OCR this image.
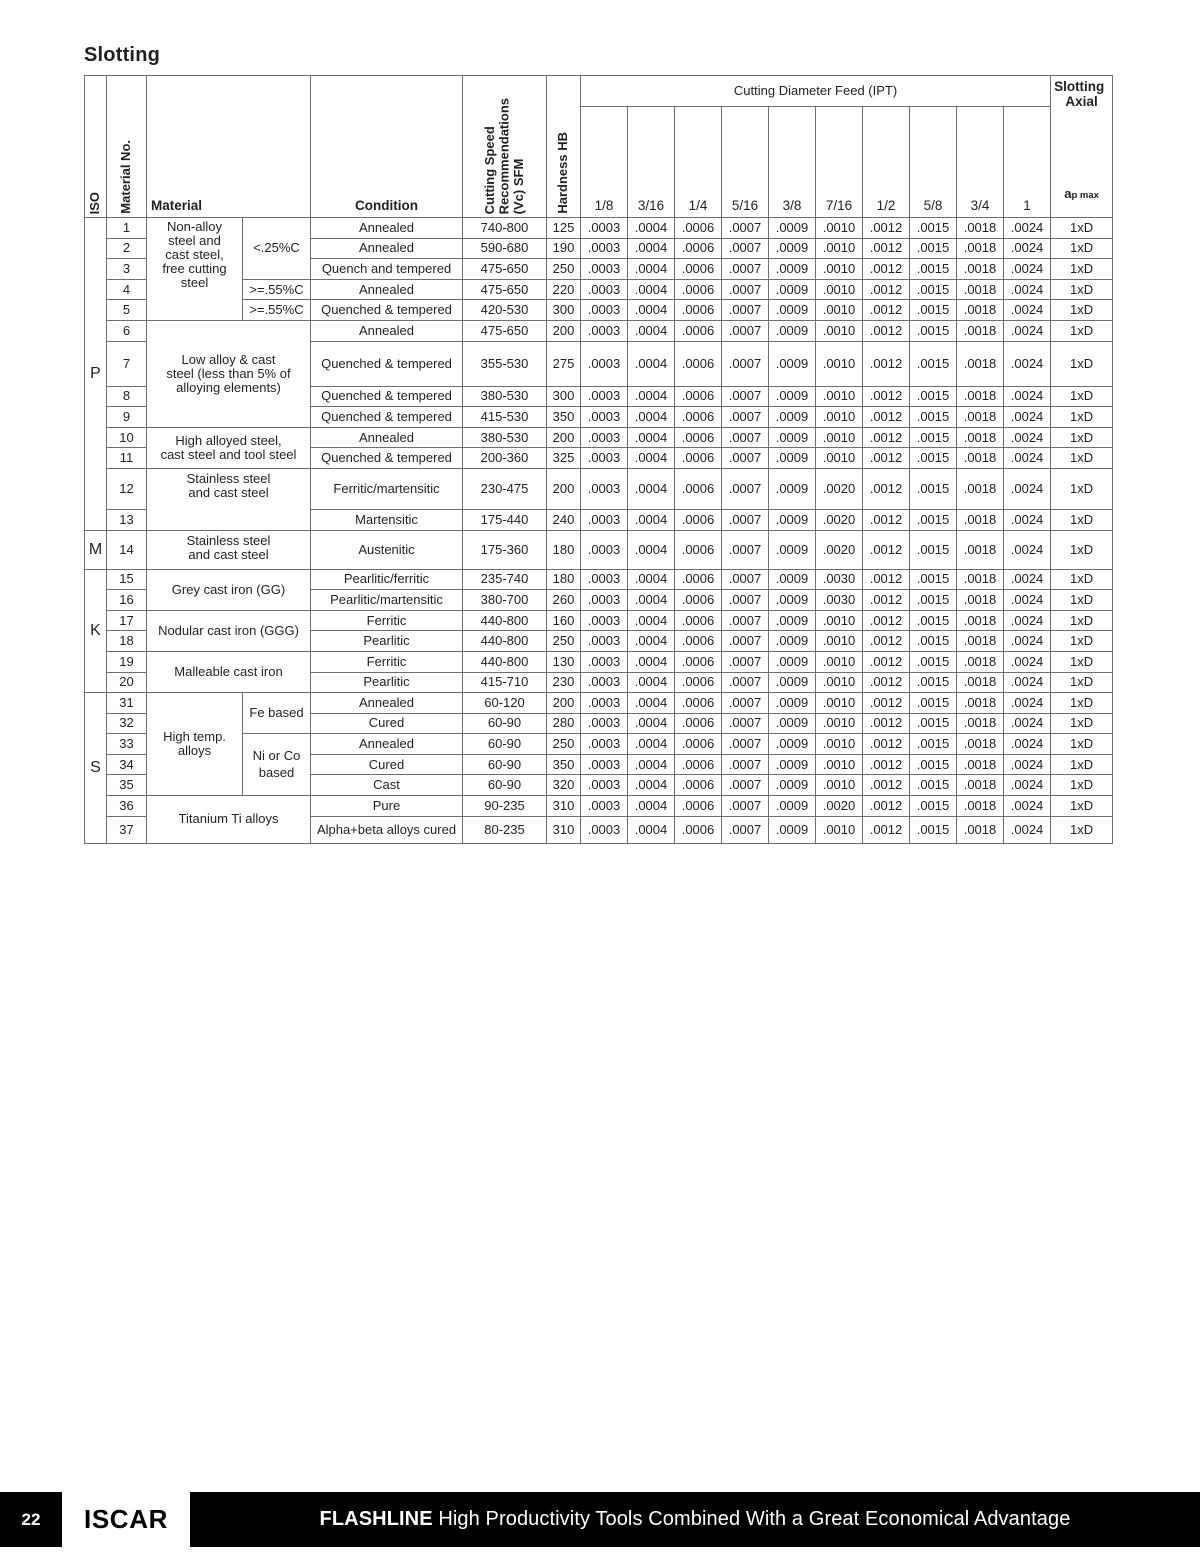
Slotting
ISO	Material No.	Material	Condition	Cutting Speed
Recommendations
(Vc) SFM	Hardness HB
	Cutting Diameter Feed (IPT)	Slotting
Axial
ap max

							1/8	3/16	1/4	5/16	3/8	7/16	1/2	5/8	3/4	1	
P	1	Non-alloy
steel and
cast steel,
free cutting
steel	<.25%C	Annealed	740-800	125	.0003	.0004	.0006	.0007	.0009	.0010	.0012	.0015	.0018	.0024	1xD
	2			Annealed	590-680	190	.0003	.0004	.0006	.0007	.0009	.0010	.0012	.0015	.0018	.0024	1xD
	3			Quench and tempered	475-650	250	.0003	.0004	.0006	.0007	.0009	.0010	.0012	.0015	.0018	.0024	1xD
	4		>=.55%C	Annealed	475-650	220	.0003	.0004	.0006	.0007	.0009	.0010	.0012	.0015	.0018	.0024	1xD
	5		>=.55%C	Quenched & tempered	420-530	300	.0003	.0004	.0006	.0007	.0009	.0010	.0012	.0015	.0018	.0024	1xD
	6	Low alloy & cast
steel (less than 5% of
alloying elements)		Annealed	475-650	200	.0003	.0004	.0006	.0007	.0009	.0010	.0012	.0015	.0018	.0024	1xD
	7			Quenched & tempered	355-530	275	.0003	.0004	.0006	.0007	.0009	.0010	.0012	.0015	.0018	.0024	1xD
	8			Quenched & tempered	380-530	300	.0003	.0004	.0006	.0007	.0009	.0010	.0012	.0015	.0018	.0024	1xD
	9			Quenched & tempered	415-530	350	.0003	.0004	.0006	.0007	.0009	.0010	.0012	.0015	.0018	.0024	1xD
	10	High alloyed steel,
cast steel and tool steel		Annealed	380-530	200	.0003	.0004	.0006	.0007	.0009	.0010	.0012	.0015	.0018	.0024	1xD
	11			Quenched & tempered	200-360	325	.0003	.0004	.0006	.0007	.0009	.0010	.0012	.0015	.0018	.0024	1xD
	12	Stainless steel
and cast steel		Ferritic/martensitic	230-475	200	.0003	.0004	.0006	.0007	.0009	.0020	.0012	.0015	.0018	.0024	1xD
	13			Martensitic	175-440	240	.0003	.0004	.0006	.0007	.0009	.0020	.0012	.0015	.0018	.0024	1xD
M	14	Stainless steel
and cast steel		Austenitic	175-360	180	.0003	.0004	.0006	.0007	.0009	.0020	.0012	.0015	.0018	.0024	1xD
K	15	Grey cast iron (GG)		Pearlitic/ferritic	235-740	180	.0003	.0004	.0006	.0007	.0009	.0030	.0012	.0015	.0018	.0024	1xD
	16			Pearlitic/martensitic	380-700	260	.0003	.0004	.0006	.0007	.0009	.0030	.0012	.0015	.0018	.0024	1xD
	17	Nodular cast iron (GGG)		Ferritic	440-800	160	.0003	.0004	.0006	.0007	.0009	.0010	.0012	.0015	.0018	.0024	1xD
	18			Pearlitic	440-800	250	.0003	.0004	.0006	.0007	.0009	.0010	.0012	.0015	.0018	.0024	1xD
	19	Malleable cast iron		Ferritic	440-800	130	.0003	.0004	.0006	.0007	.0009	.0010	.0012	.0015	.0018	.0024	1xD
	20			Pearlitic	415-710	230	.0003	.0004	.0006	.0007	.0009	.0010	.0012	.0015	.0018	.0024	1xD
S	31	High temp.
alloys	Fe based	Annealed	60-120	200	.0003	.0004	.0006	.0007	.0009	.0010	.0012	.0015	.0018	.0024	1xD
	32			Cured	60-90	280	.0003	.0004	.0006	.0007	.0009	.0010	.0012	.0015	.0018	.0024	1xD
	33		Ni or Co
based	Annealed	60-90	250	.0003	.0004	.0006	.0007	.0009	.0010	.0012	.0015	.0018	.0024	1xD
	34			Cured	60-90	350	.0003	.0004	.0006	.0007	.0009	.0010	.0012	.0015	.0018	.0024	1xD
	35			Cast	60-90	320	.0003	.0004	.0006	.0007	.0009	.0010	.0012	.0015	.0018	.0024	1xD
	36	Titanium Ti alloys		Pure	90-235	310	.0003	.0004	.0006	.0007	.0009	.0020	.0012	.0015	.0018	.0024	1xD
	37			Alpha+beta alloys cured	80-235	310	.0003	.0004	.0006	.0007	.0009	.0010	.0012	.0015	.0018	.0024	1xD
22	ISCAR	FLASHLINE High Productivity Tools Combined With a Great Economical Advantage
